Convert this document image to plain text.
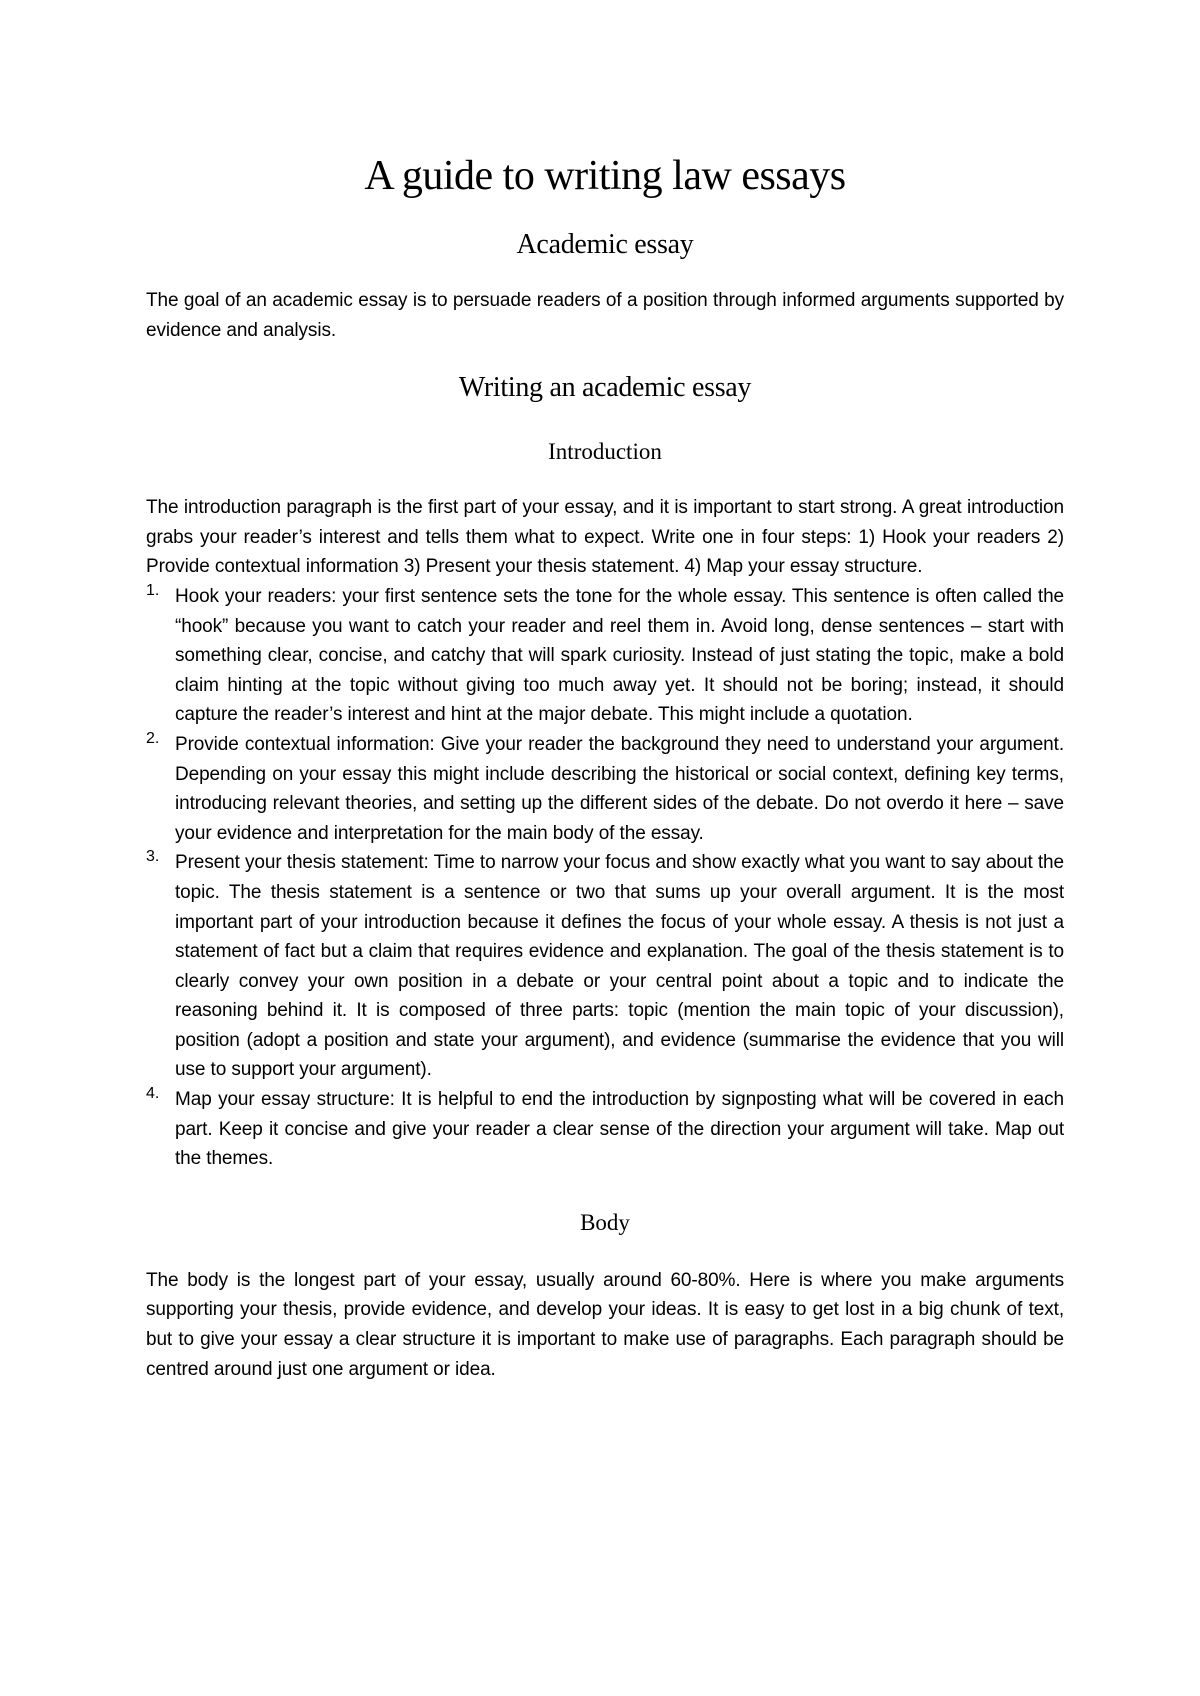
A guide to writing law essays
Academic essay

The goal of an academic essay is to persuade readers of a position through informed arguments supported by evidence and analysis.

Writing an academic essay
Introduction

The introduction paragraph is the first part of your essay, and it is important to start strong. A great introduction grabs your reader’s interest and tells them what to expect. Write one in four steps: 1) Hook your readers 2) Provide contextual information 3) Present your thesis statement. 4) Map your essay structure.

1. Hook your readers: your first sentence sets the tone for the whole essay. This sentence is often called the “hook” because you want to catch your reader and reel them in. Avoid long, dense sentences – start with something clear, concise, and catchy that will spark curiosity. Instead of just stating the topic, make a bold claim hinting at the topic without giving too much away yet. It should not be boring; instead, it should capture the reader’s interest and hint at the major debate. This might include a quotation.
2. Provide contextual information: Give your reader the background they need to understand your argument. Depending on your essay this might include describing the historical or social context, defining key terms, introducing relevant theories, and setting up the different sides of the debate. Do not overdo it here – save your evidence and interpretation for the main body of the essay.
3. Present your thesis statement: Time to narrow your focus and show exactly what you want to say about the topic. The thesis statement is a sentence or two that sums up your overall argument. It is the most important part of your introduction because it defines the focus of your whole essay. A thesis is not just a statement of fact but a claim that requires evidence and explanation. The goal of the thesis statement is to clearly convey your own position in a debate or your central point about a topic and to indicate the reasoning behind it. It is composed of three parts: topic (mention the main topic of your discussion), position (adopt a position and state your argument), and evidence (summarise the evidence that you will use to support your argument).
4. Map your essay structure: It is helpful to end the introduction by signposting what will be covered in each part. Keep it concise and give your reader a clear sense of the direction your argument will take. Map out the themes.
Body

The body is the longest part of your essay, usually around 60-80%. Here is where you make arguments supporting your thesis, provide evidence, and develop your ideas. It is easy to get lost in a big chunk of text, but to give your essay a clear structure it is important to make use of paragraphs. Each paragraph should be centred around just one argument or idea.
